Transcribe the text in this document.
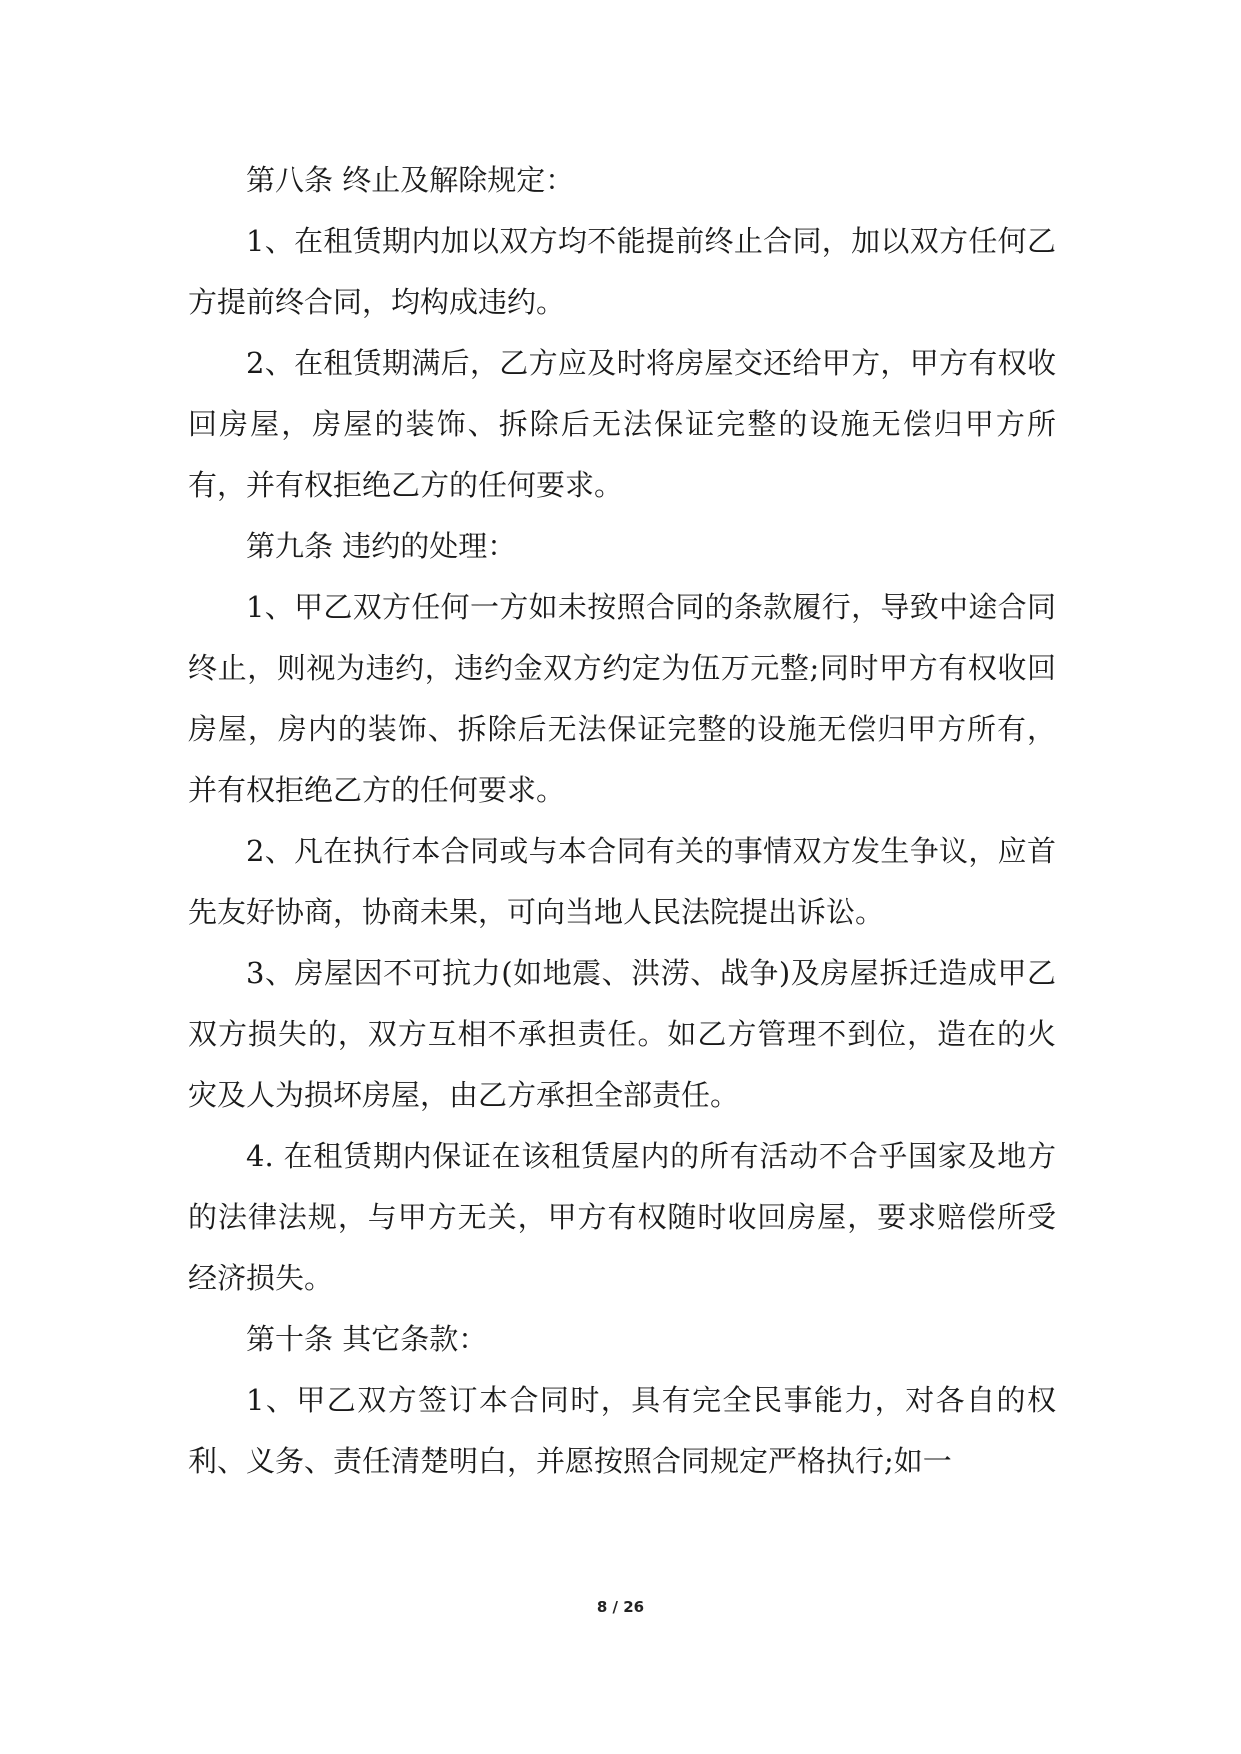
第八条 终止及解除规定：

1、在租赁期内加以双方均不能提前终止合同，加以双方任何乙方提前终合同，均构成违约。

2、在租赁期满后，乙方应及时将房屋交还给甲方，甲方有权收回房屋，房屋的装饰、拆除后无法保证完整的设施无偿归甲方所有，并有权拒绝乙方的任何要求。

第九条 违约的处理：

1、甲乙双方任何一方如未按照合同的条款履行，导致中途合同终止，则视为违约，违约金双方约定为伍万元整;同时甲方有权收回房屋，房内的装饰、拆除后无法保证完整的设施无偿归甲方所有，并有权拒绝乙方的任何要求。

2、凡在执行本合同或与本合同有关的事情双方发生争议，应首先友好协商，协商未果，可向当地人民法院提出诉讼。

3、房屋因不可抗力(如地震、洪涝、战争)及房屋拆迁造成甲乙双方损失的，双方互相不承担责任。如乙方管理不到位，造在的火灾及人为损坏房屋，由乙方承担全部责任。

4. 在租赁期内保证在该租赁屋内的所有活动不合乎国家及地方的法律法规，与甲方无关，甲方有权随时收回房屋，要求赔偿所受经济损失。

第十条 其它条款：

1、甲乙双方签订本合同时，具有完全民事能力，对各自的权利、义务、责任清楚明白，并愿按照合同规定严格执行;如一

8 / 26
